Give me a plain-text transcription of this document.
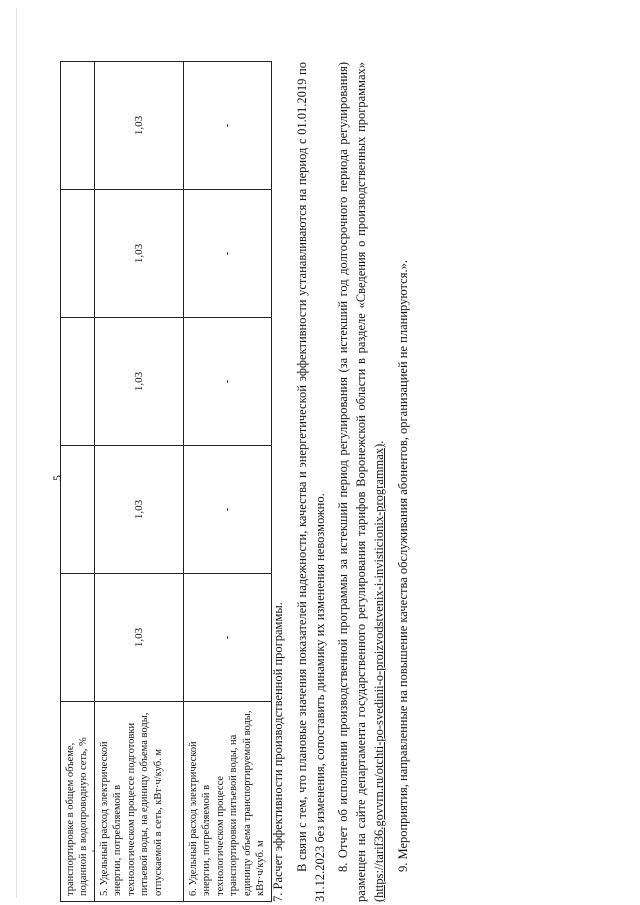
5
транспортировке в общем объеме, поданной в водопроводную сеть, %					
5. Удельный расход электрической энергии, потребляемой в технологическом процессе подготовки питьевой воды, на единицу объема воды, отпускаемой в сеть, кВт·ч/куб. м	1,03	1,03	1,03	1,03	1,03
6. Удельный расход электрической энергии, потребляемой в технологическом процессе транспортировки питьевой воды, на единицу объема транспортируемой воды, кВт·ч/куб. м	-	-	-	-	-

7. Расчет эффективности производственной программы. В связи с тем, что плановые значения показателей надежности, качества и энергетической эффективности устанавливаются на период с 01.01.2019 по 31.12.2023 без изменения, сопоставить динамику их изменения невозможно. 8. Отчет об исполнении производственной программы за истекший период регулирования (за истекший год долгосрочного периода регулирования) размещен на сайте департамента государственного регулирования тарифов Воронежской области в разделе «Сведения о производственных программах» (https://tarif36.govvrn.ru/otchti-po-svedinii-o-proizvodstvenix-i-invisticionix-programmax). 9. Мероприятия, направленные на повышение качества обслуживания абонентов, организацией не планируются.».
